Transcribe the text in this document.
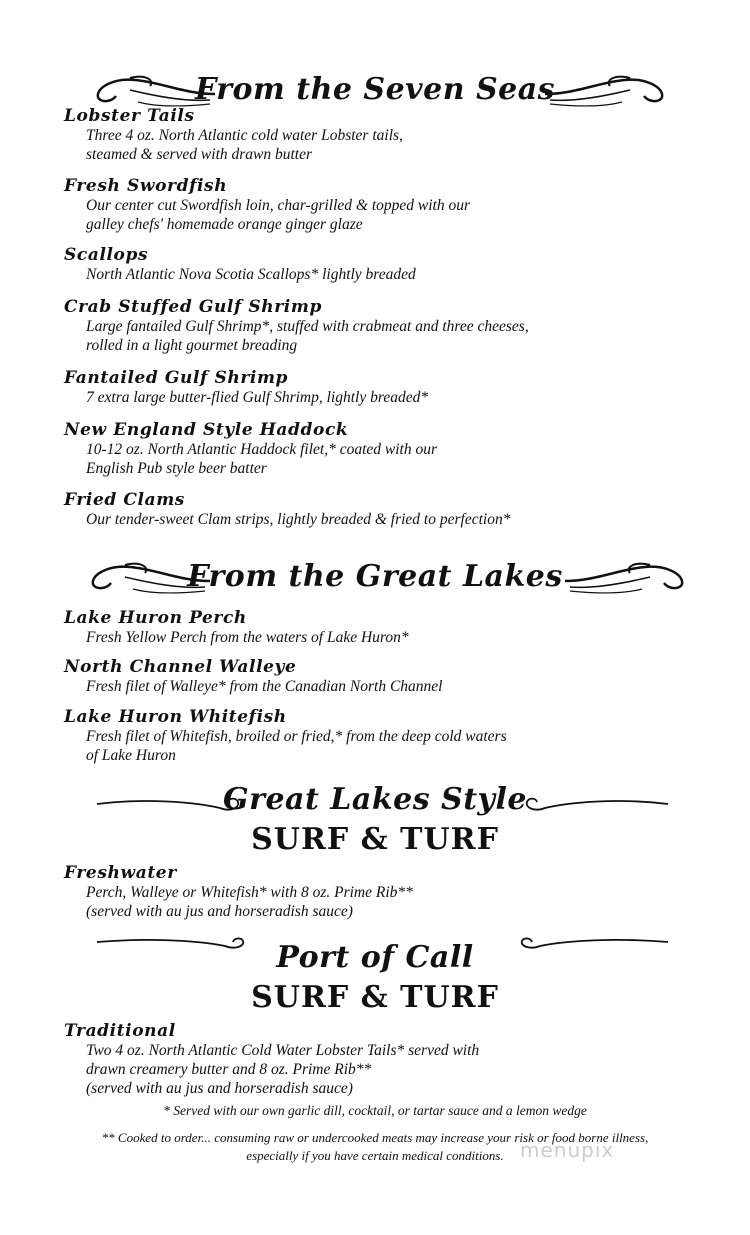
From the Seven Seas
Lobster Tails
Three 4 oz. North Atlantic cold water Lobster tails,
steamed & served with drawn butter
Fresh Swordfish
Our center cut Swordfish loin, char-grilled & topped with our
galley chefs' homemade orange ginger glaze
Scallops
North Atlantic Nova Scotia Scallops* lightly breaded
Crab Stuffed Gulf Shrimp
Large fantailed Gulf Shrimp*, stuffed with crabmeat and three cheeses,
rolled in a light gourmet breading
Fantailed Gulf Shrimp
7 extra large butter-flied Gulf Shrimp, lightly breaded*
New England Style Haddock
10-12 oz. North Atlantic Haddock filet,* coated with our
English Pub style beer batter
Fried Clams
Our tender-sweet Clam strips, lightly breaded & fried to perfection*
From the Great Lakes
Lake Huron Perch
Fresh Yellow Perch from the waters of Lake Huron*
North Channel Walleye
Fresh filet of Walleye* from the Canadian North Channel
Lake Huron Whitefish
Fresh filet of Whitefish, broiled or fried,* from the deep cold waters
of Lake Huron
Great Lakes Style
SURF & TURF
Freshwater
Perch, Walleye or Whitefish* with 8 oz. Prime Rib**
(served with au jus and horseradish sauce)
Port of Call
SURF & TURF
Traditional
Two 4 oz. North Atlantic Cold Water Lobster Tails* served with
drawn creamery butter and 8 oz. Prime Rib**
(served with au jus and horseradish sauce)
* Served with our own garlic dill, cocktail, or tartar sauce and a lemon wedge
** Cooked to order... consuming raw or undercooked meats may increase your risk or food borne illness,
especially if you have certain medical conditions. menupix
